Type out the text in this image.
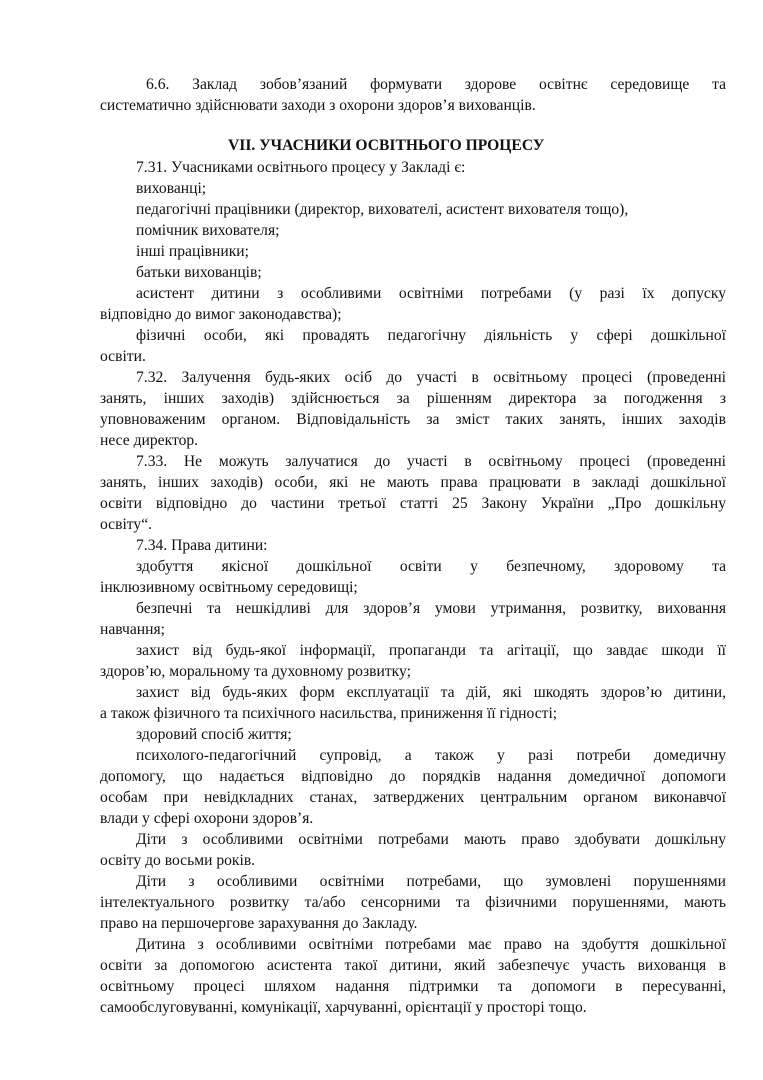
6.6. Заклад зобов’язаний формувати здорове освітнє середовище та
систематично здійснювати заходи з охорони здоров’я вихованців.
VII. УЧАСНИКИ ОСВІТНЬОГО ПРОЦЕСУ
7.31. Учасниками освітнього процесу у Закладі є:
вихованці;
педагогічні працівники (директор, вихователі, асистент вихователя тощо),
помічник вихователя;
інші працівники;
батьки вихованців;
асистент дитини з особливими освітніми потребами (у разі їх допуску
відповідно до вимог законодавства);
фізичні особи, які провадять педагогічну діяльність у сфері дошкільної
освіти.
7.32. Залучення будь-яких осіб до участі в освітньому процесі (проведенні
занять, інших заходів) здійснюється за рішенням директора за погодження з
уповноваженим органом. Відповідальність за зміст таких занять, інших заходів
несе директор.
7.33. Не можуть залучатися до участі в освітньому процесі (проведенні
занять, інших заходів) особи, які не мають права працювати в закладі дошкільної
освіти відповідно до частини третьої статті 25 Закону України „Про дошкільну
освіту“.
7.34. Права дитини:
здобуття якісної дошкільної освіти у безпечному, здоровому та
інклюзивному освітньому середовищі;
безпечні та нешкідливі для здоров’я умови утримання, розвитку, виховання
навчання;
захист від будь-якої інформації, пропаганди та агітації, що завдає шкоди її
здоров’ю, моральному та духовному розвитку;
захист від будь-яких форм експлуатації та дій, які шкодять здоров’ю дитини,
а також фізичного та психічного насильства, приниження її гідності;
здоровий спосіб життя;
психолого-педагогічний супровід, а також у разі потреби домедичну
допомогу, що надається відповідно до порядків надання домедичної допомоги
особам при невідкладних станах, затверджених центральним органом виконавчої
влади у сфері охорони здоров’я.
Діти з особливими освітніми потребами мають право здобувати дошкільну
освіту до восьми років.
Діти з особливими освітніми потребами, що зумовлені порушеннями
інтелектуального розвитку та/або сенсорними та фізичними порушеннями, мають
право на першочергове зарахування до Закладу.
Дитина з особливими освітніми потребами має право на здобуття дошкільної
освіти за допомогою асистента такої дитини, який забезпечує участь вихованця в
освітньому процесі шляхом надання підтримки та допомоги в пересуванні,
самообслуговуванні, комунікації, харчуванні, орієнтації у просторі тощо.
